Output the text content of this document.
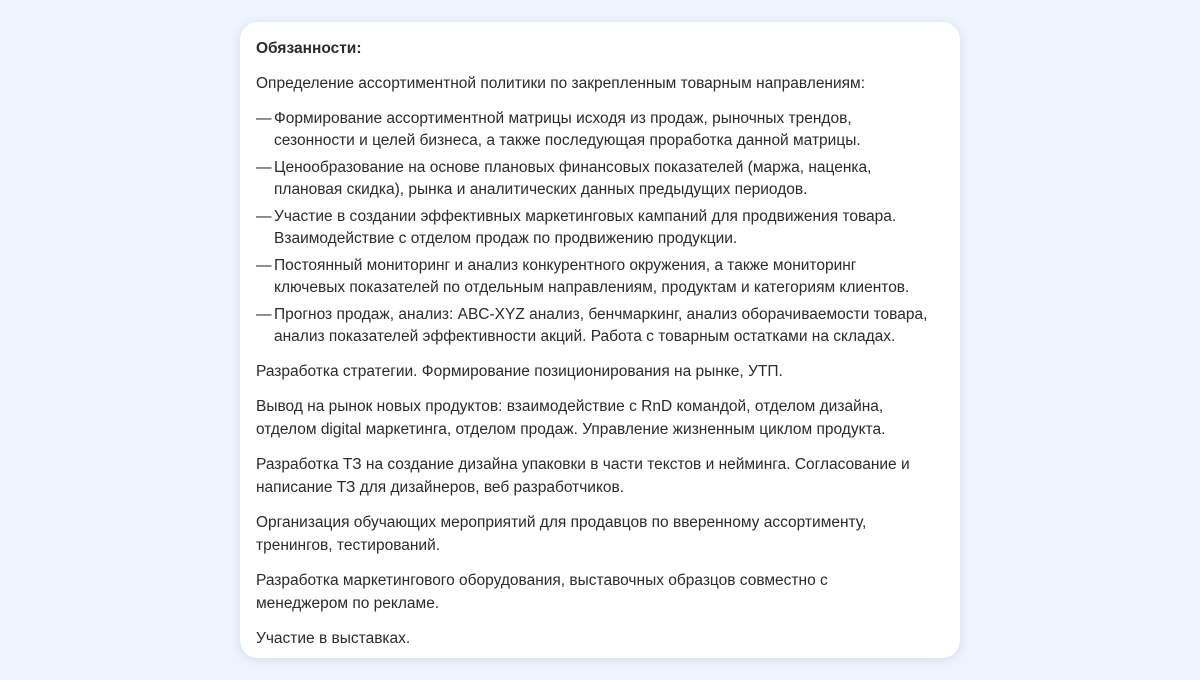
Обязанности:
Определение ассортиментной политики по закрепленным товарным направлениям:
— Формирование ассортиментной матрицы исходя из продаж, рыночных трендов,
сезонности и целей бизнеса, а также последующая проработка данной матрицы.
— Ценообразование на основе плановых финансовых показателей (маржа, наценка,
плановая скидка), рынка и аналитических данных предыдущих периодов.
— Участие в создании эффективных маркетинговых кампаний для продвижения товара.
Взаимодействие с отделом продаж по продвижению продукции.
— Постоянный мониторинг и анализ конкурентного окружения, а также мониторинг
ключевых показателей по отдельным направлениям, продуктам и категориям клиентов.
— Прогноз продаж, анализ: ABC-XYZ анализ, бенчмаркинг, анализ оборачиваемости товара,
анализ показателей эффективности акций. Работа с товарным остатками на складах.
Разработка стратегии. Формирование позиционирования на рынке, УТП.
Вывод на рынок новых продуктов: взаимодействие с RnD командой, отделом дизайна,
отделом digital маркетинга, отделом продаж. Управление жизненным циклом продукта.
Разработка ТЗ на создание дизайна упаковки в части текстов и нейминга. Согласование и
написание ТЗ для дизайнеров, веб разработчиков.
Организация обучающих мероприятий для продавцов по вверенному ассортименту,
тренингов, тестирований.
Разработка маркетингового оборудования, выставочных образцов совместно с
менеджером по рекламе.
Участие в выставках.
